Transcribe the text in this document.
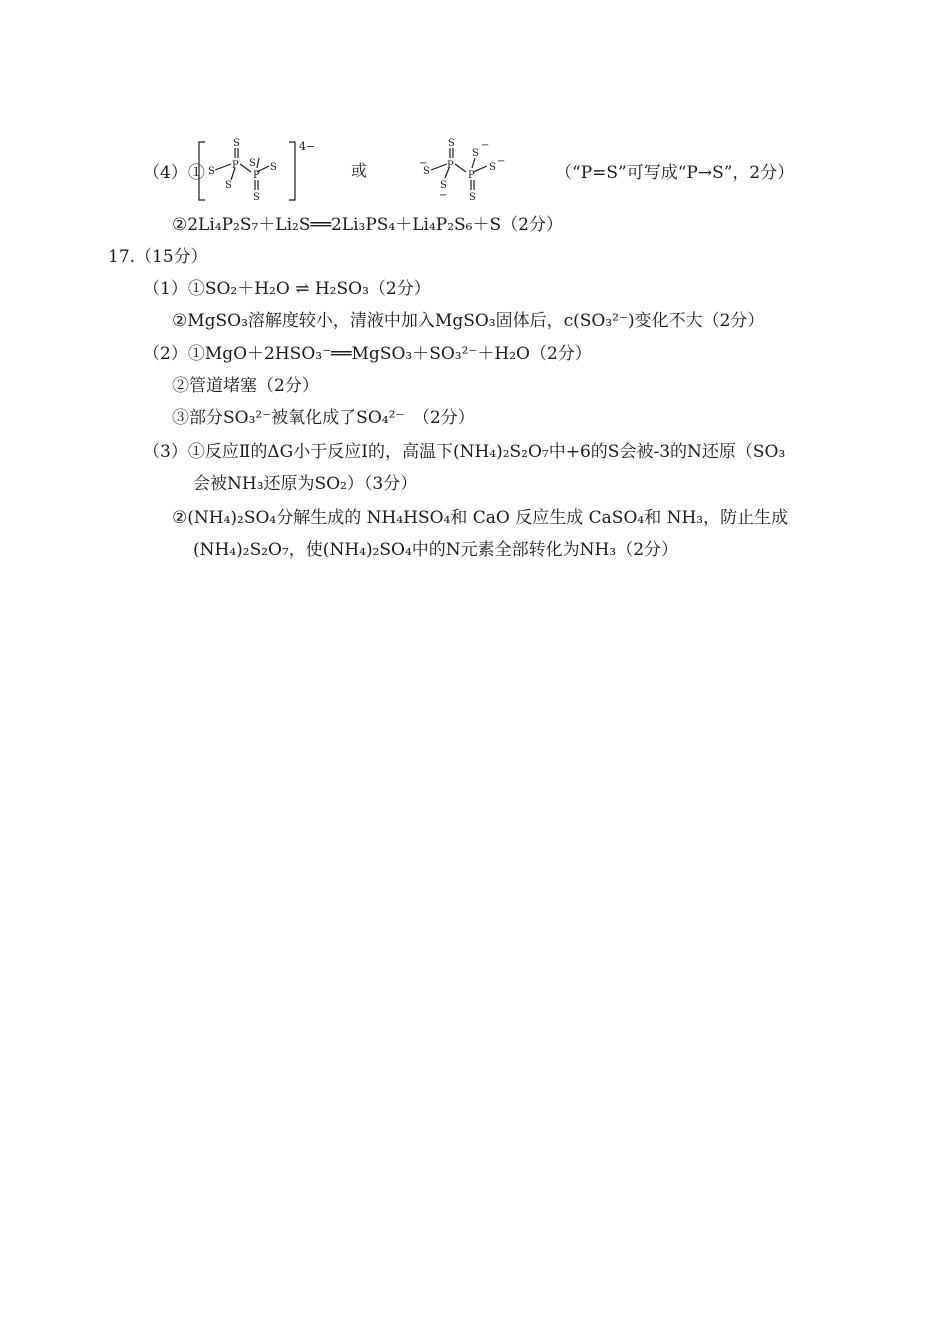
（4）① S
P
S
S
S
P
S
S
4−
或	−
S
P
S
S
−
P
S
−
S
−
S
（“P=S”可写成“P→S”，2分）
②2Li₄P₂S₇＋Li₂S══2Li₃PS₄＋Li₄P₂S₆＋S（2分）
17.（15分）
（1）①SO₂＋H₂O ⇌ H₂SO₃（2分）
②MgSO₃溶解度较小，清液中加入MgSO₃固体后，c(SO₃²⁻)变化不大（2分）
（2）①MgO＋2HSO₃⁻══MgSO₃＋SO₃²⁻＋H₂O（2分）
②管道堵塞（2分）
③部分SO₃²⁻被氧化成了SO₄²⁻　（2分）
（3）①反应Ⅱ的ΔG小于反应Ⅰ的，高温下(NH₄)₂S₂O₇中+6的S会被-3的N还原（SO₃
会被NH₃还原为SO₂）（3分）
②(NH₄)₂SO₄分解生成的 NH₄HSO₄和 CaO 反应生成 CaSO₄和 NH₃，防止生成
(NH₄)₂S₂O₇，使(NH₄)₂SO₄中的N元素全部转化为NH₃（2分）
